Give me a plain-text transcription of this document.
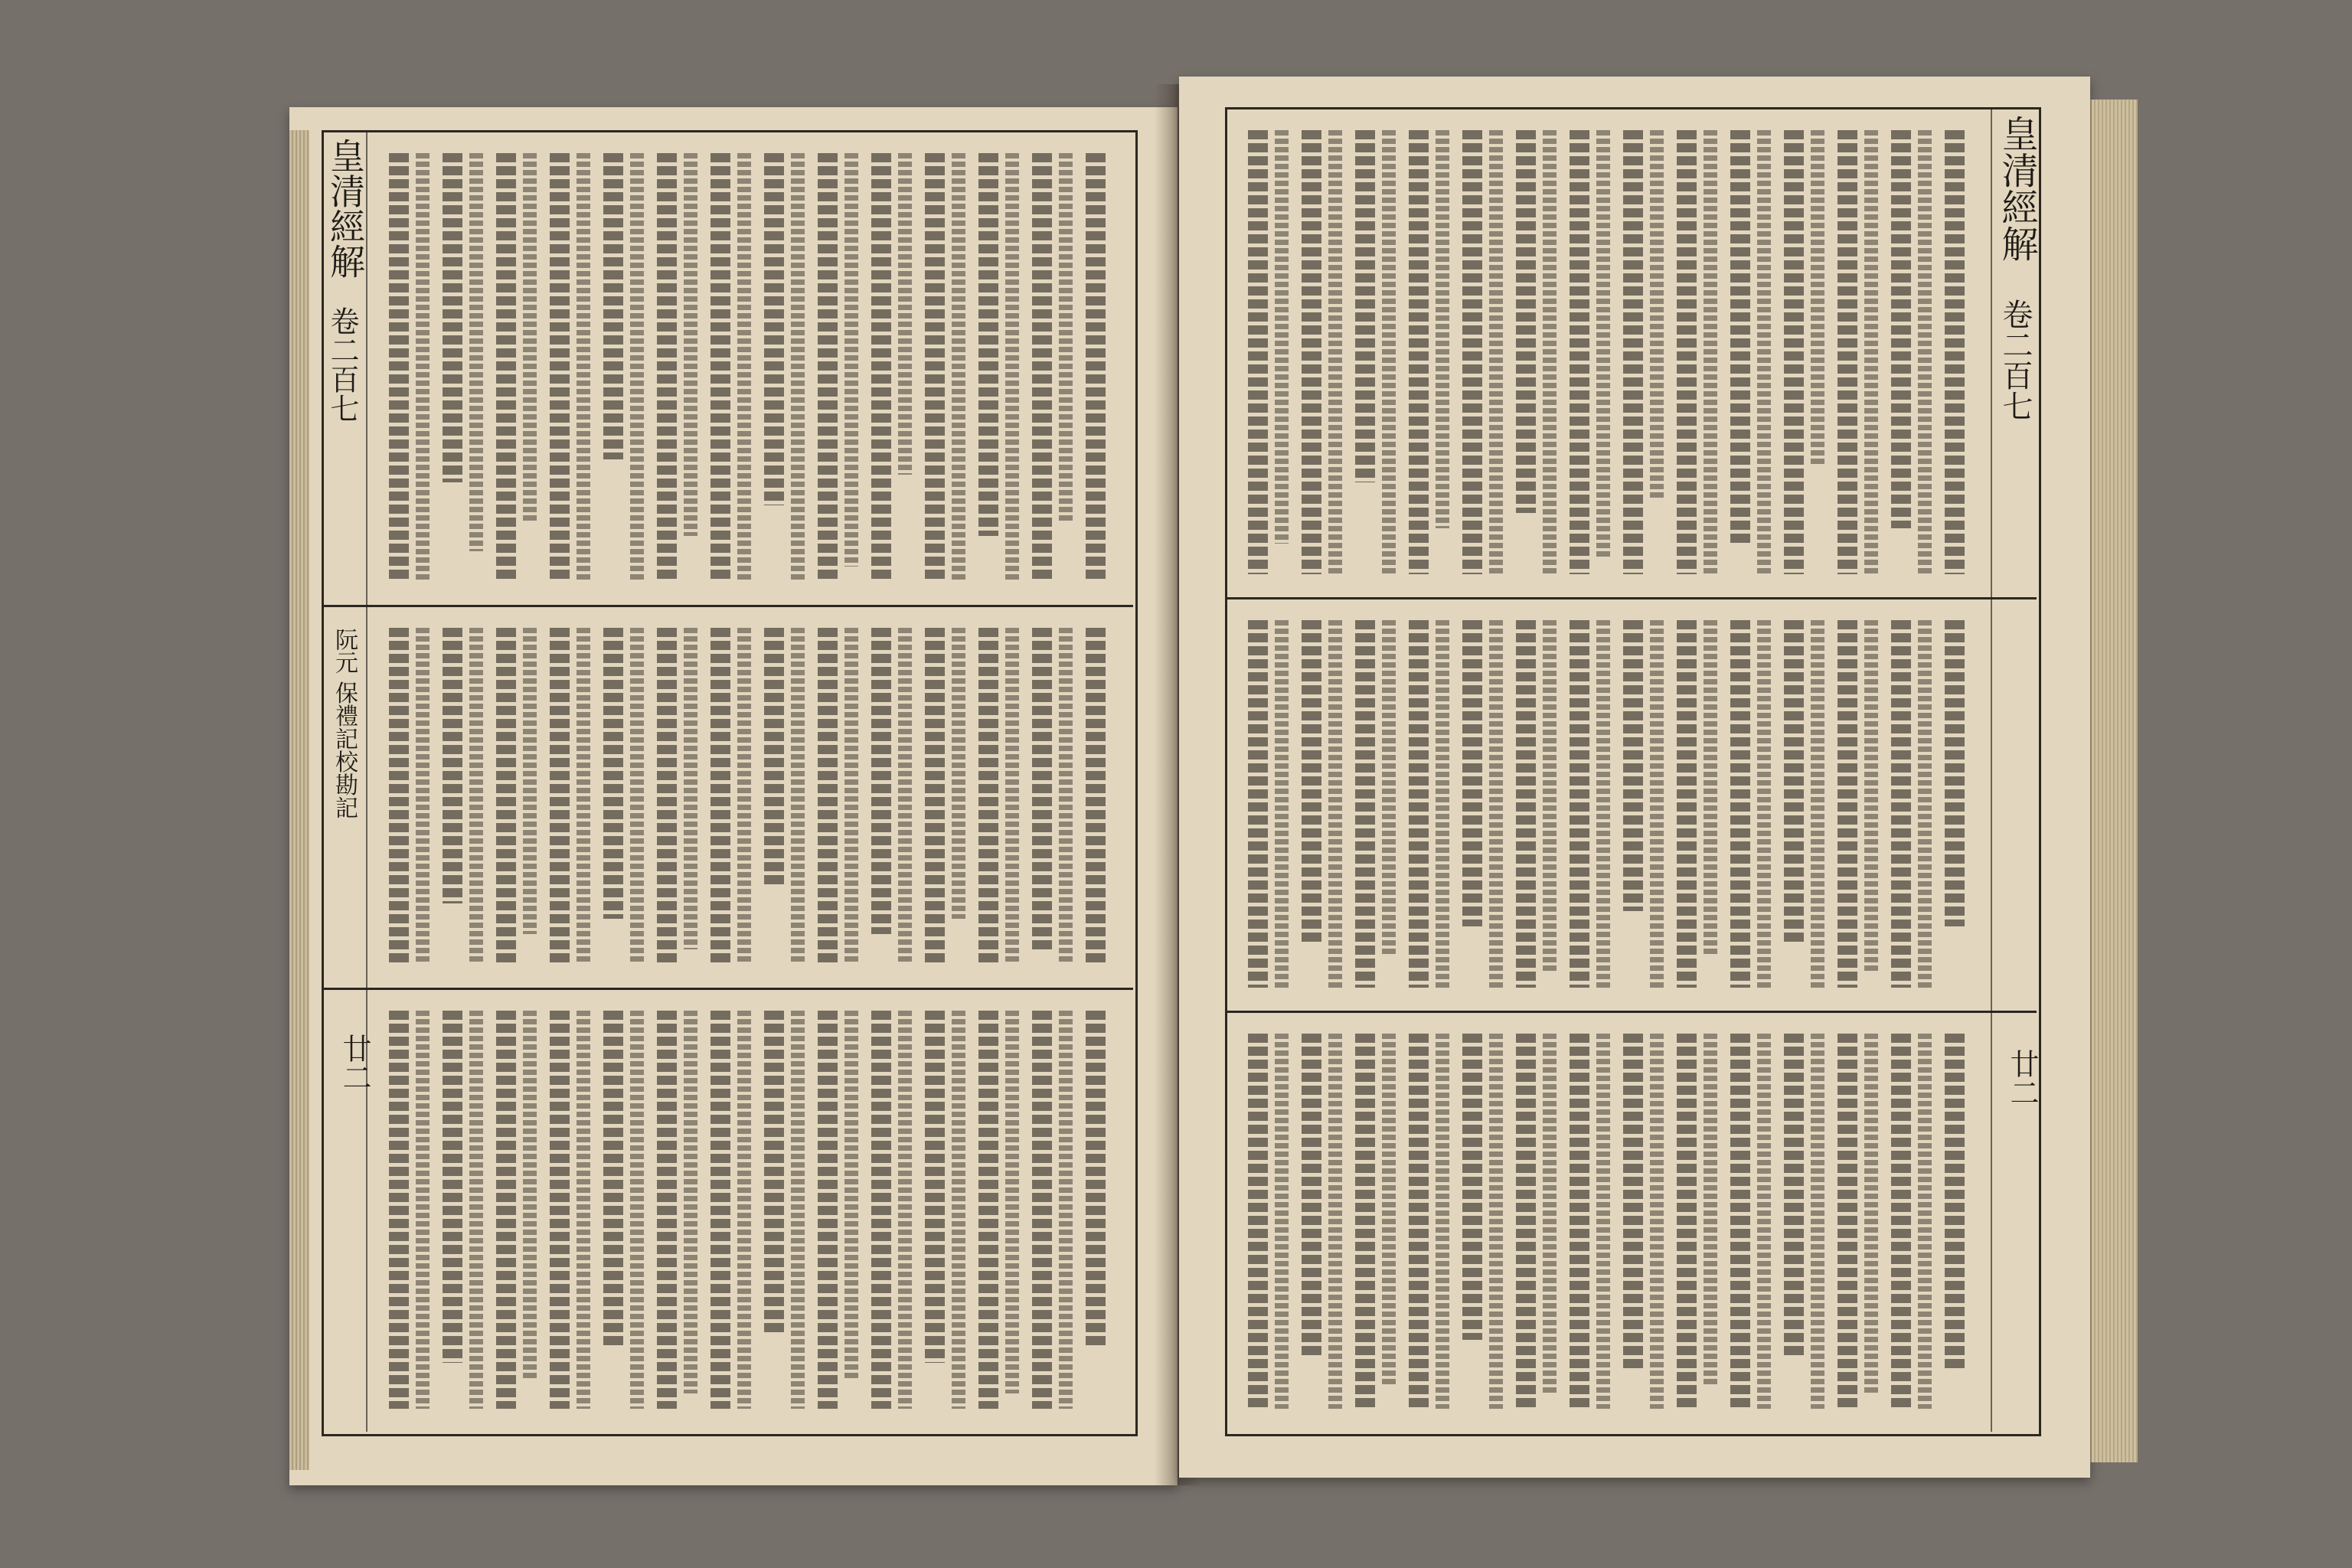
皇清經解
卷二百七
阮元 保禮記校勘記
廿二
皇清經解
卷二百七
廿二
